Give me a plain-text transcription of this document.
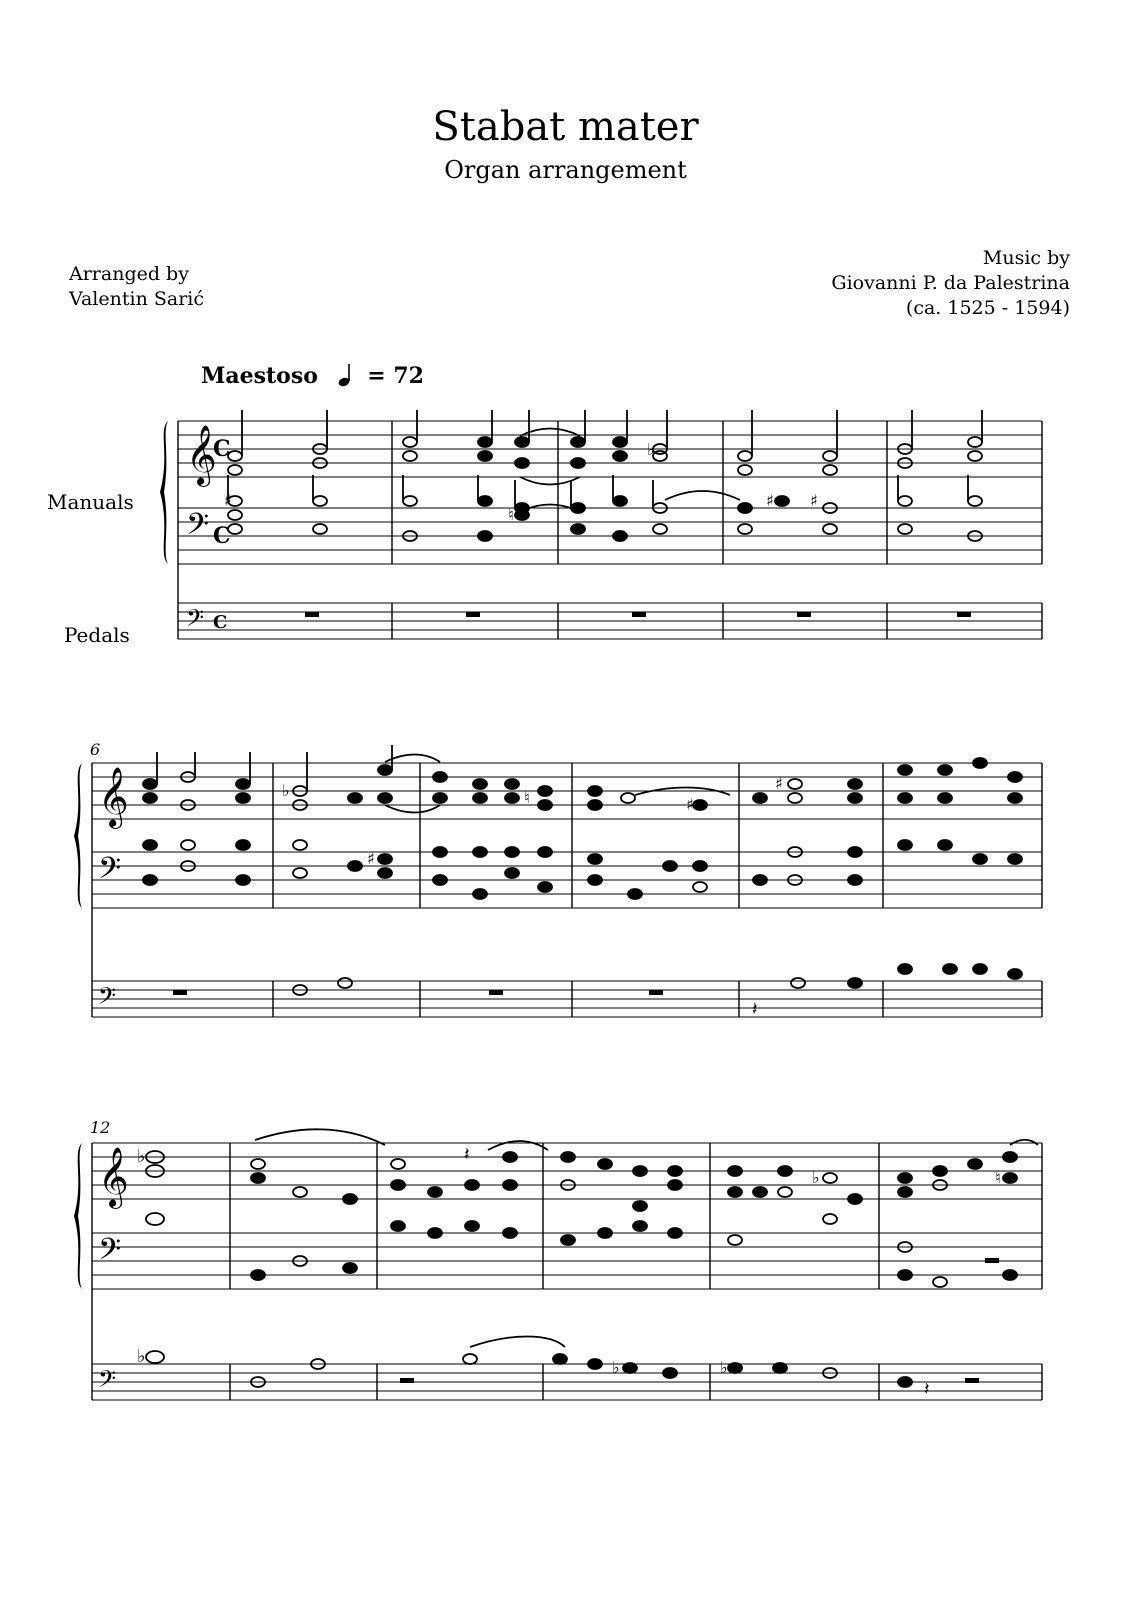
Stabat mater
Organ arrangement
Arranged by
Valentin Sarić
Music by
Giovanni P. da Palestrina
(ca. 1525 - 1594)
Maestoso = 72
Manuals
Pedals
6
12
𝄞
𝄢
𝄢
C
C
C
♯
♭
♯ ♯
♮
𝄞
𝄢
𝄢	𝄽
♭	♮	♯
♯
♯
𝄞
𝄢
𝄢
𝄽
𝄽
♭
♭	♮
♭
♭	♭
